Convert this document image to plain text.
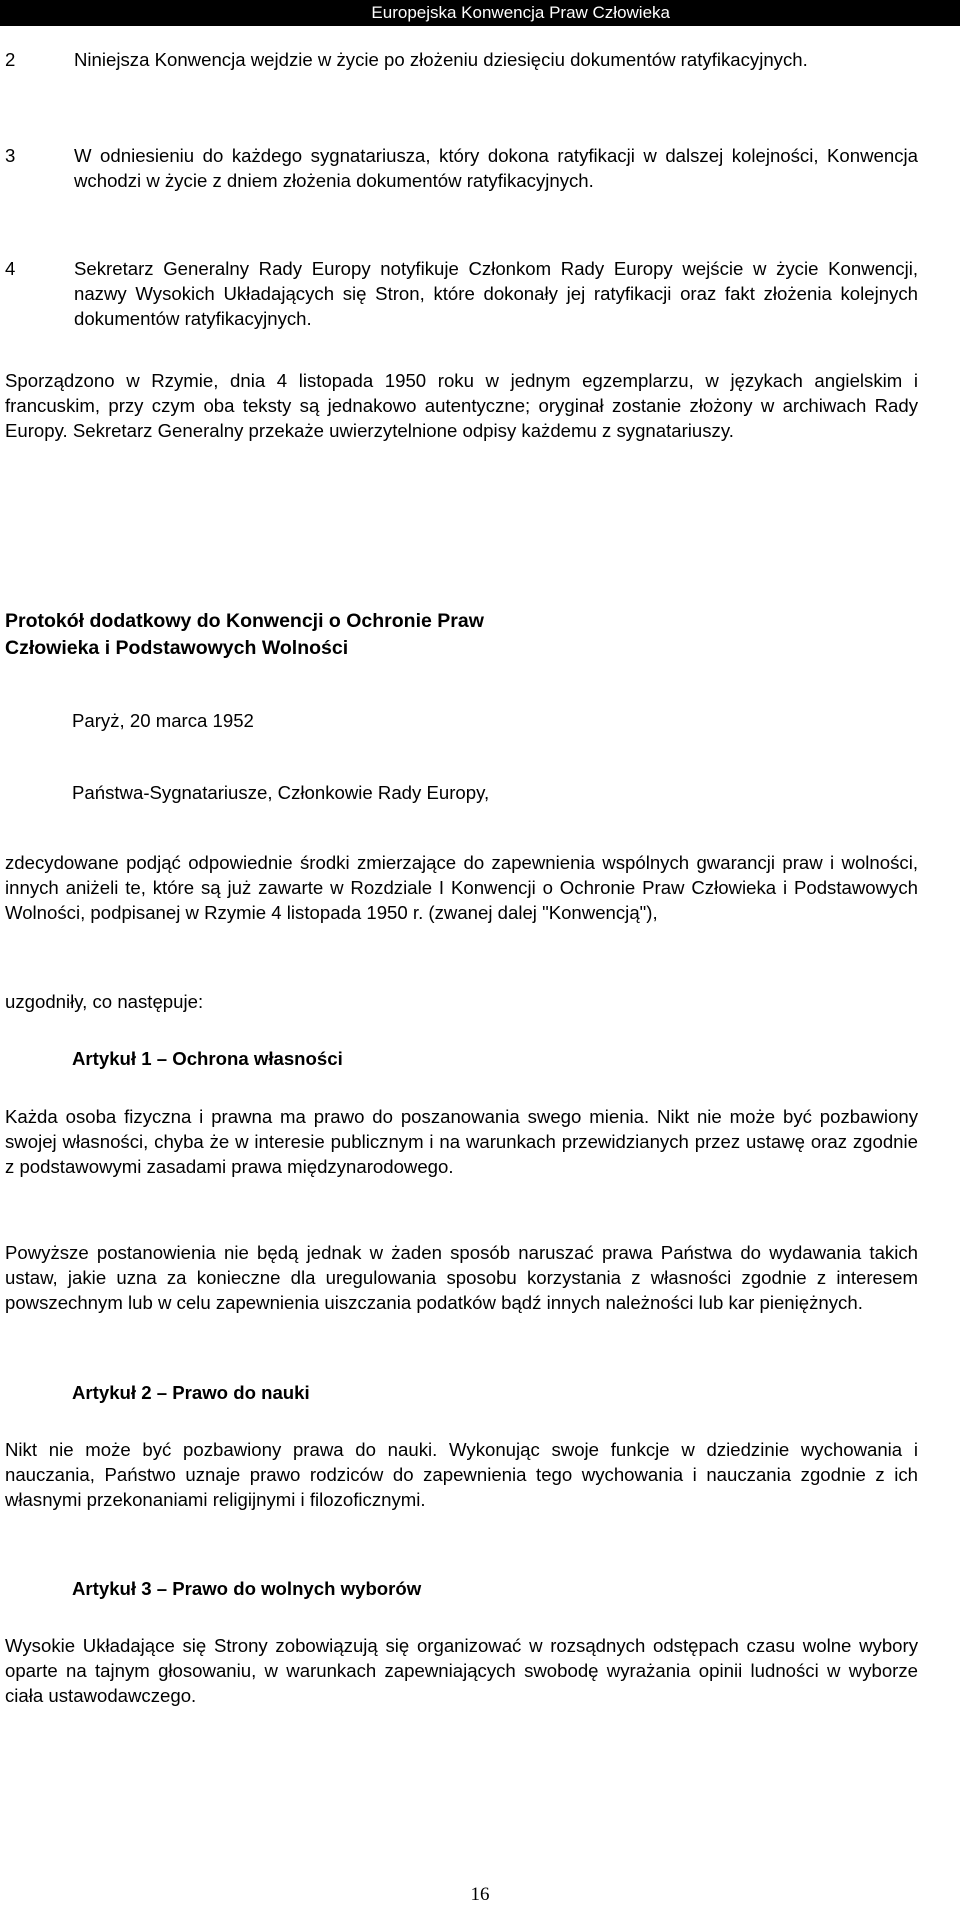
Europejska Konwencja Praw Człowieka
2	Niniejsza Konwencja wejdzie w życie po złożeniu dziesięciu dokumentów ratyfikacyjnych.
3	W odniesieniu do każdego sygnatariusza, który dokona ratyfikacji w dalszej kolejności, Konwencja wchodzi w życie z dniem złożenia dokumentów ratyfikacyjnych.
4	Sekretarz Generalny Rady Europy notyfikuje Członkom Rady Europy wejście w życie Konwencji, nazwy Wysokich Układających się Stron, które dokonały jej ratyfikacji oraz fakt złożenia kolejnych dokumentów ratyfikacyjnych.
Sporządzono w Rzymie, dnia 4 listopada 1950 roku w jednym egzemplarzu, w językach angielskim i francuskim, przy czym oba teksty są jednakowo autentyczne; oryginał zostanie złożony w archiwach Rady Europy. Sekretarz Generalny przekaże uwierzytelnione odpisy każdemu z sygnatariuszy.
Protokół dodatkowy do Konwencji o Ochronie Praw
Człowieka i Podstawowych Wolności
Paryż, 20 marca 1952
Państwa-Sygnatariusze, Członkowie Rady Europy,
zdecydowane podjąć odpowiednie środki zmierzające do zapewnienia wspólnych gwarancji praw i wolności, innych aniżeli te, które są już zawarte w Rozdziale I Konwencji o Ochronie Praw Człowieka i Podstawowych Wolności, podpisanej w Rzymie 4 listopada 1950 r. (zwanej dalej "Konwencją"),
uzgodniły, co następuje:
Artykuł 1 – Ochrona własności
Każda osoba fizyczna i prawna ma prawo do poszanowania swego mienia. Nikt nie może być pozbawiony swojej własności, chyba że w interesie publicznym i na warunkach przewidzianych przez ustawę oraz zgodnie z podstawowymi zasadami prawa międzynarodowego.
Powyższe postanowienia nie będą jednak w żaden sposób naruszać prawa Państwa do wydawania takich ustaw, jakie uzna za konieczne dla uregulowania sposobu korzystania z własności zgodnie z interesem powszechnym lub w celu zapewnienia uiszczania podatków bądź innych należności lub kar pieniężnych.
Artykuł 2 – Prawo do nauki
Nikt nie może być pozbawiony prawa do nauki. Wykonując swoje funkcje w dziedzinie wychowania i nauczania, Państwo uznaje prawo rodziców do zapewnienia tego wychowania i nauczania zgodnie z ich własnymi przekonaniami religijnymi i filozoficznymi.
Artykuł 3 – Prawo do wolnych wyborów
Wysokie Układające się Strony zobowiązują się organizować w rozsądnych odstępach czasu wolne wybory oparte na tajnym głosowaniu, w warunkach zapewniających swobodę wyrażania opinii ludności w wyborze ciała ustawodawczego.
16
